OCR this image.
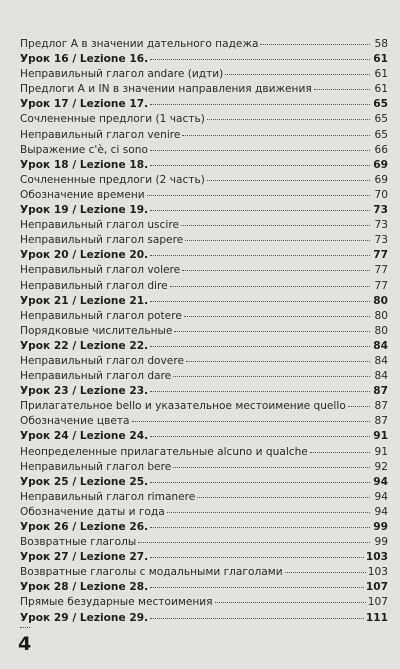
Предлог A в значении дательного падежа	58
Урок 16 / Lezione 16.	61
Неправильный глагол andare (идти)	61
Предлоги A и IN в значении направления движения	61
Урок 17 / Lezione 17.	65
Сочлененные предлоги (1 часть)	65
Неправильный глагол venire	65
Выражение c'è, ci sono	66
Урок 18 / Lezione 18.	69
Сочлененные предлоги (2 часть)	69
Обозначение времени	70
Урок 19 / Lezione 19.	73
Неправильный глагол uscire	73
Неправильный глагол sapere	73
Урок 20 / Lezione 20.	77
Неправильный глагол volere	77
Неправильный глагол dire	77
Урок 21 / Lezione 21.	80
Неправильный глагол potere	80
Порядковые числительные	80
Урок 22 / Lezione 22.	84
Неправильный глагол dovere	84
Неправильный глагол dare	84
Урок 23 / Lezione 23.	87
Прилагательное bello и указательное местоимение quello	87
Обозначение цвета	87
Урок 24 / Lezione 24.	91
Неопределенные прилагательные alcuno и qualche	91
Неправильный глагол bere	92
Урок 25 / Lezione 25.	94
Неправильный глагол rimanere	94
Обозначение даты и года	94
Урок 26 / Lezione 26.	99
Возвратные глаголы	99
Урок 27 / Lezione 27.	103
Возвратные глаголы с модальными глаголами	103
Урок 28 / Lezione 28.	107
Прямые безударные местоимения	107
Урок 29 / Lezione 29.	111
4
